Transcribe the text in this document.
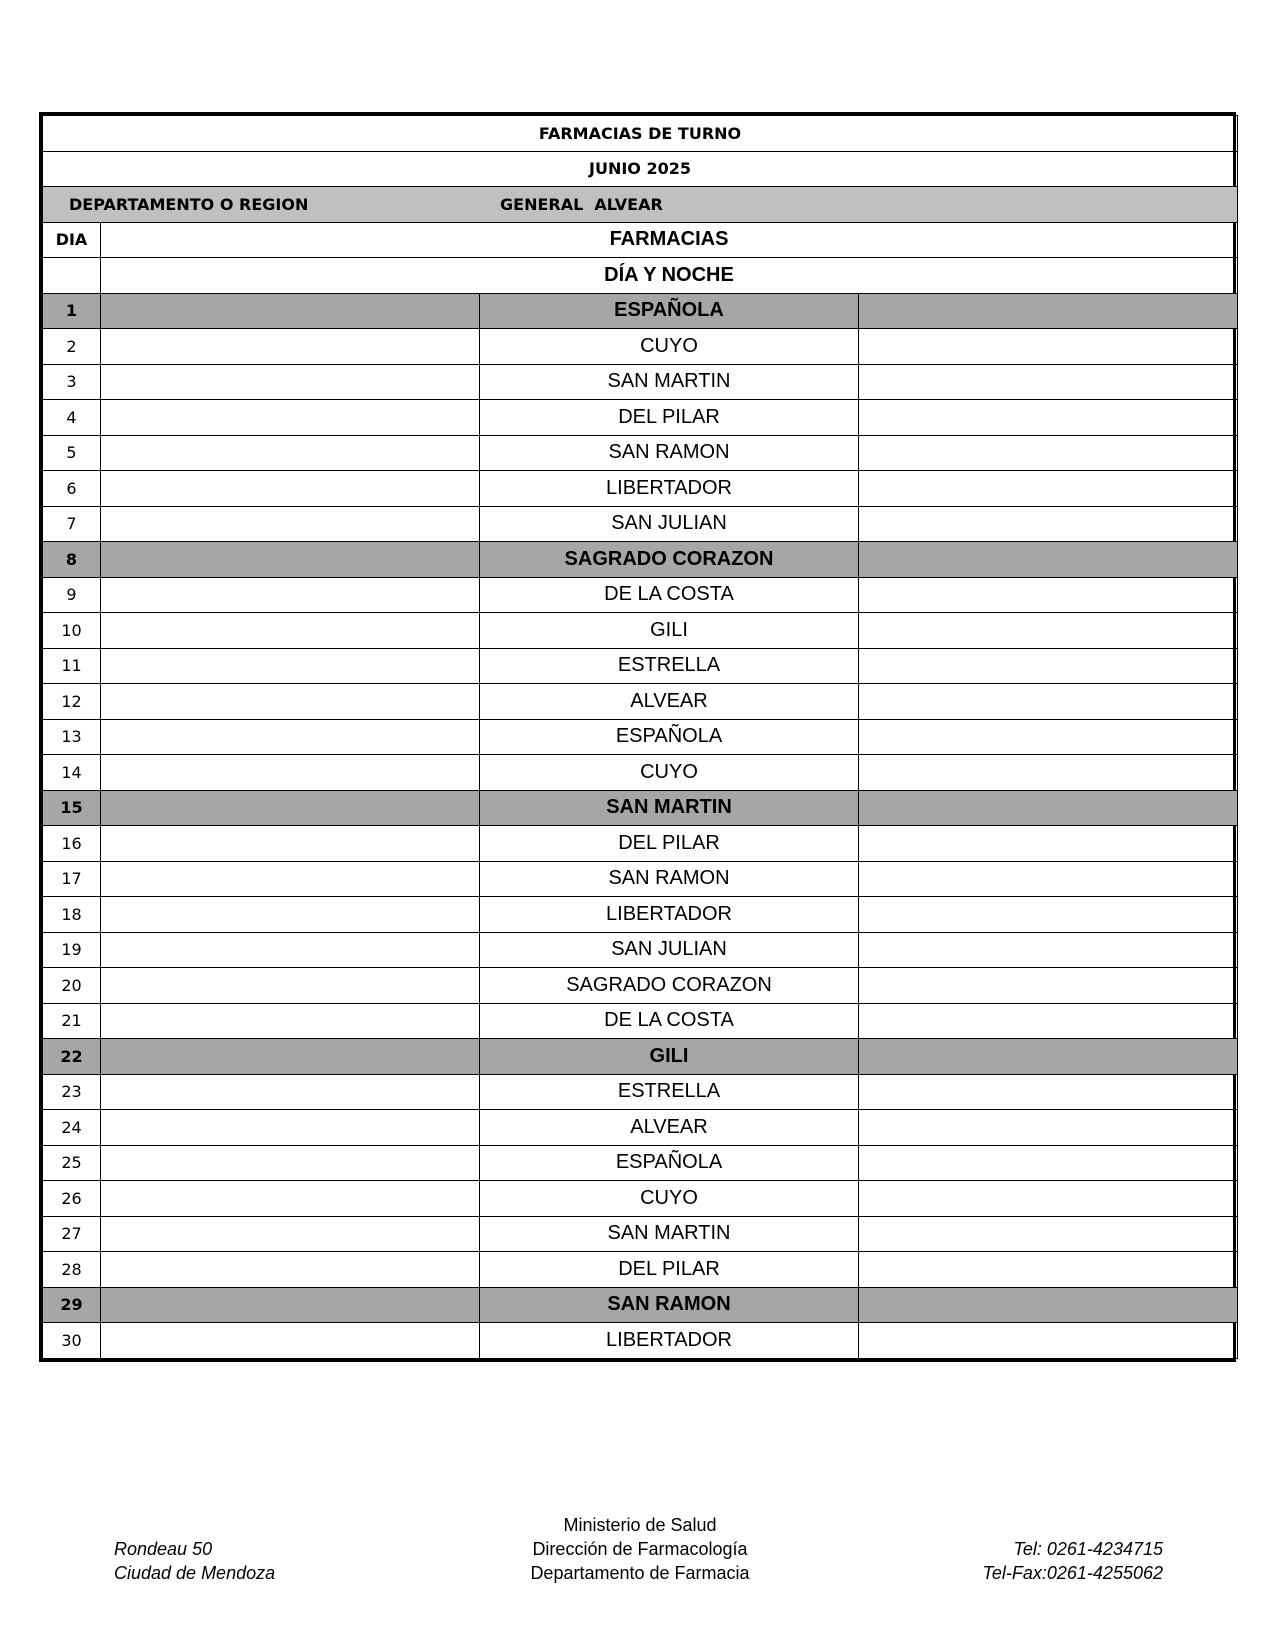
FARMACIAS DE TURNO			
JUNIO 2025			
DEPARTAMENTO O REGION GENERAL  ALVEAR			

DIA	FARMACIAS		
	DÍA Y NOCHE		
1		ESPAÑOLA	
2		CUYO	
3		SAN MARTIN	
4		DEL PILAR	
5		SAN RAMON	
6		LIBERTADOR	
7		SAN JULIAN	
8		SAGRADO CORAZON	
9		DE LA COSTA	
10		GILI	
11		ESTRELLA	
12		ALVEAR	
13		ESPAÑOLA	
14		CUYO	
15		SAN MARTIN	
16		DEL PILAR	
17		SAN RAMON	
18		LIBERTADOR	
19		SAN JULIAN	
20		SAGRADO CORAZON	
21		DE LA COSTA	
22		GILI	
23		ESTRELLA	
24		ALVEAR	
25		ESPAÑOLA	
26		CUYO	
27		SAN MARTIN	
28		DEL PILAR	
29		SAN RAMON	
30		LIBERTADOR	
Rondeau 50
Ciudad de Mendoza
Ministerio de Salud
Dirección de Farmacología
Departamento de Farmacia
Tel: 0261-4234715
Tel-Fax:0261-4255062
